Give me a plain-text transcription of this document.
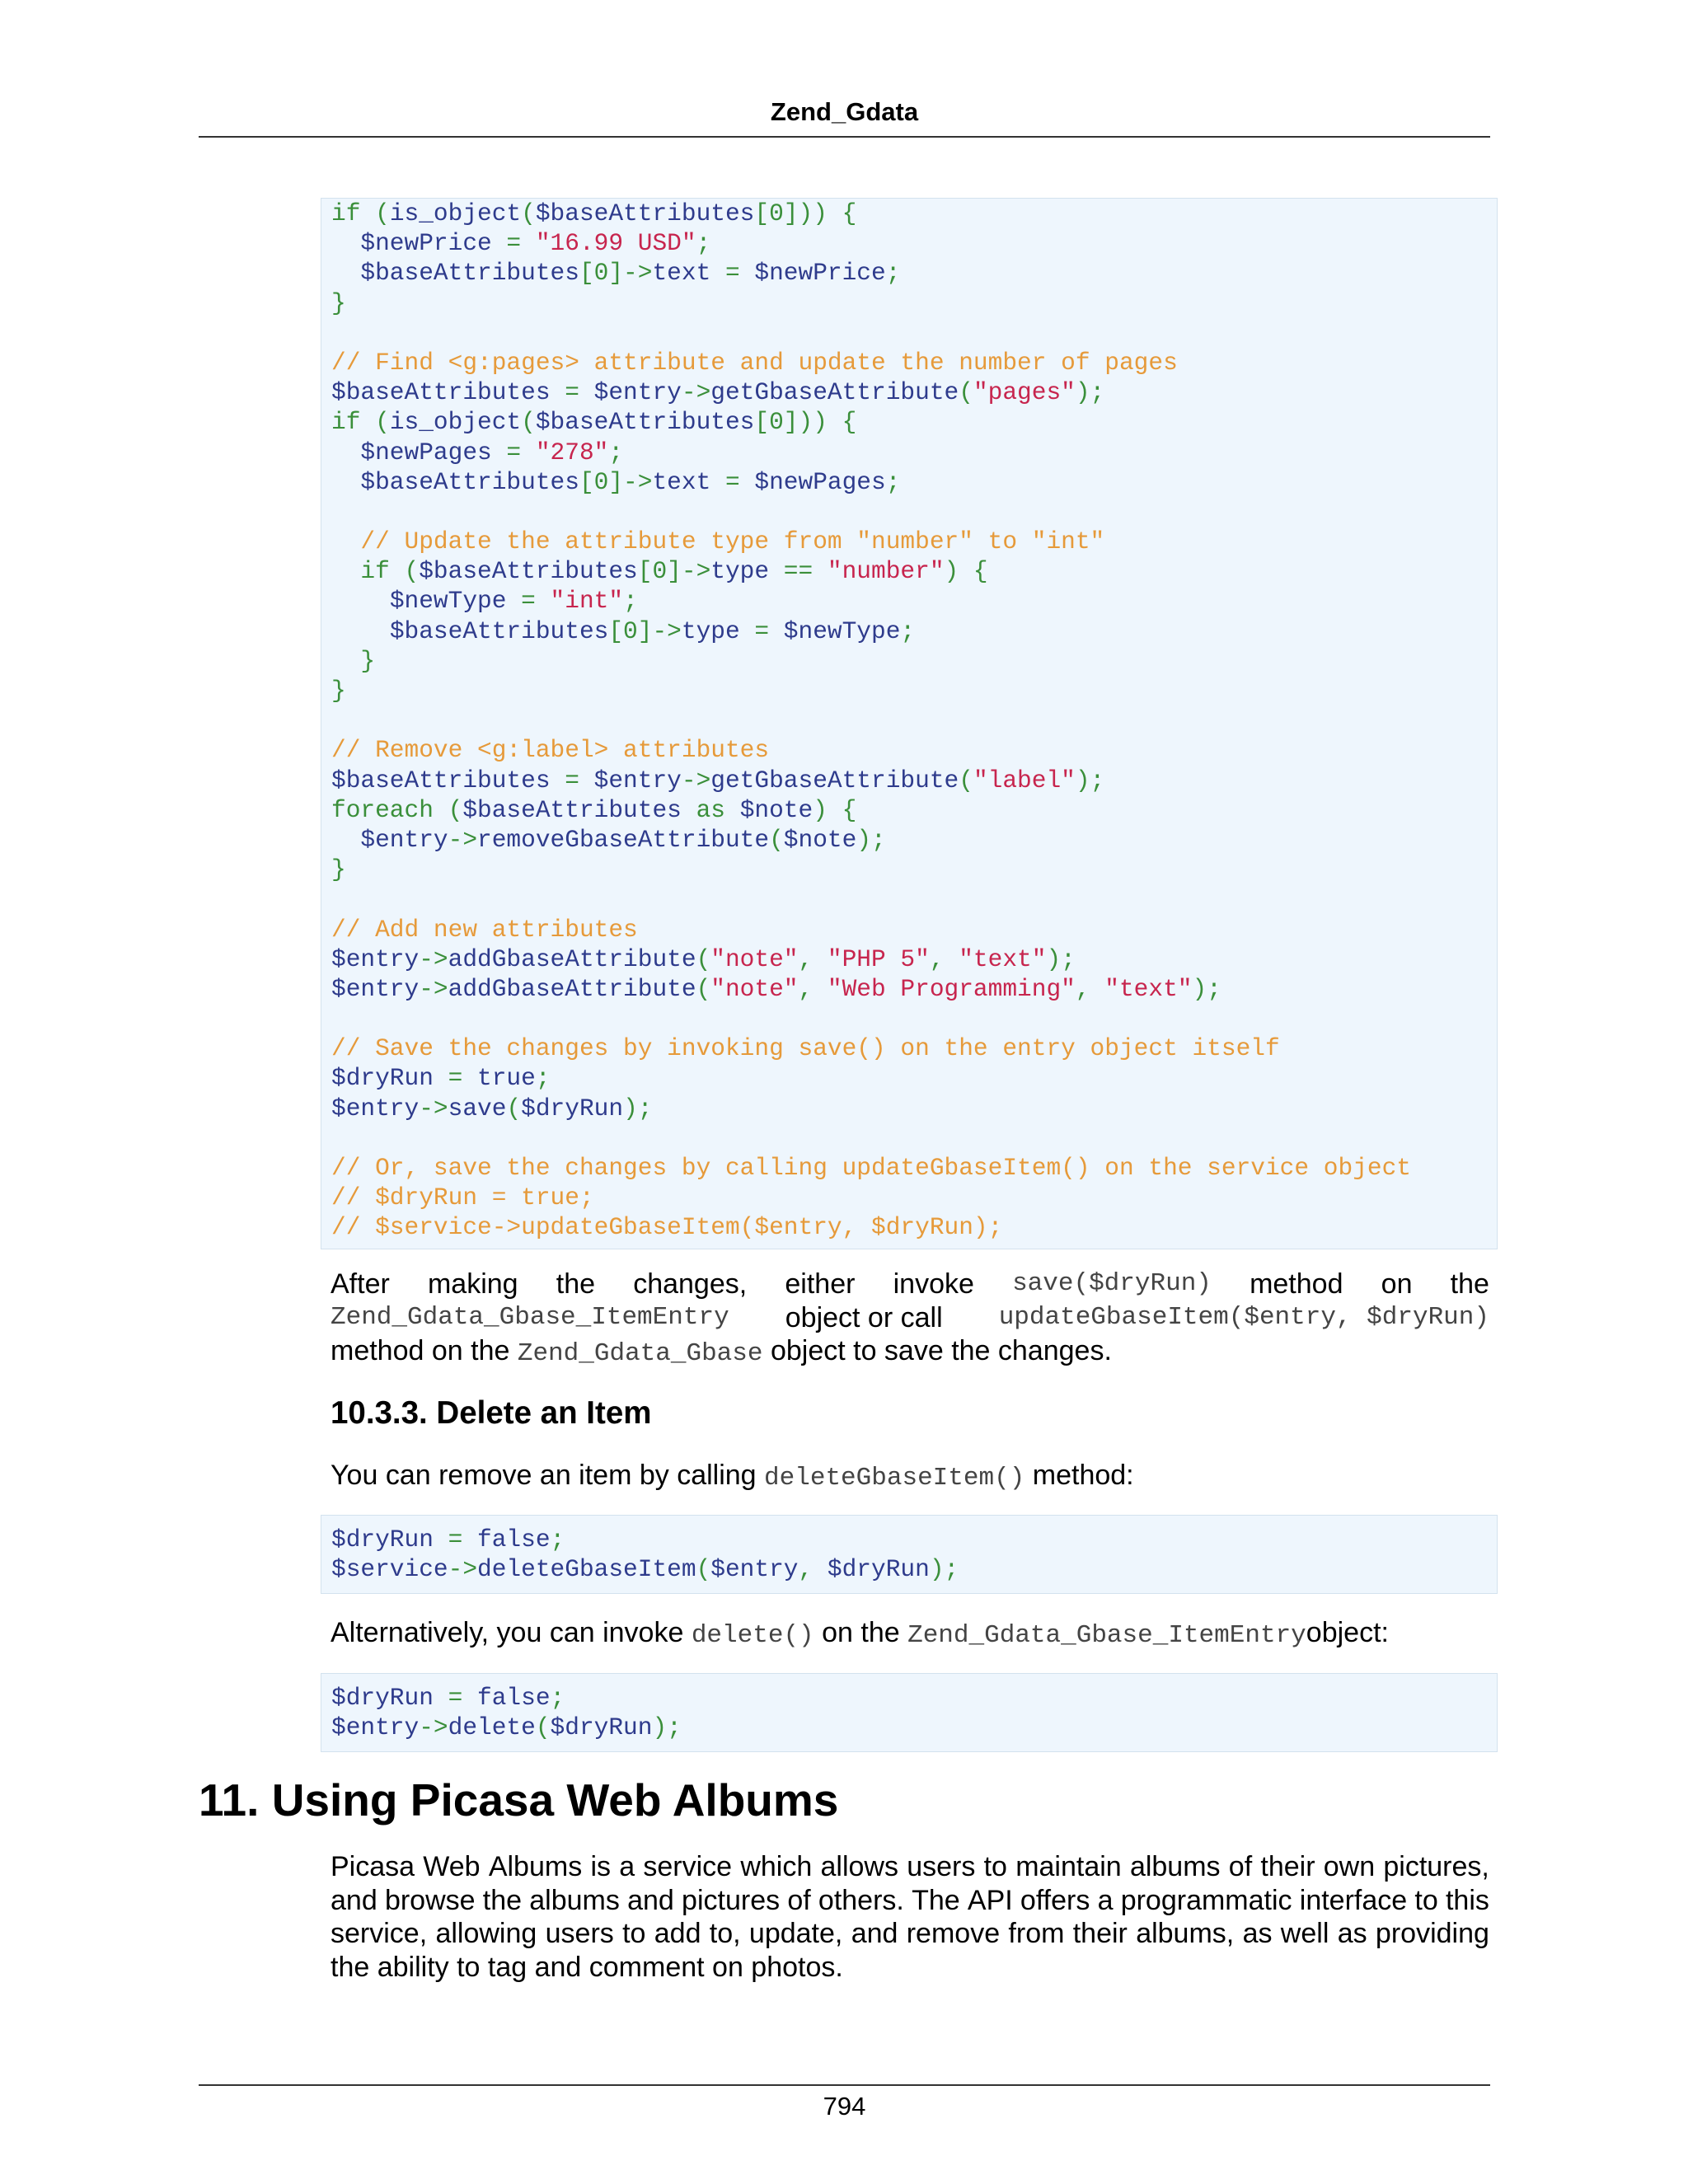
Zend_Gdata
if (is_object($baseAttributes[0])) {
$newPrice = "16.99 USD";
$baseAttributes[0]->text = $newPrice;
}
// Find <g:pages> attribute and update the number of pages
$baseAttributes = $entry->getGbaseAttribute("pages");
if (is_object($baseAttributes[0])) {
$newPages = "278";
$baseAttributes[0]->text = $newPages;
// Update the attribute type from "number" to "int"
if ($baseAttributes[0]->type == "number") {
$newType = "int";
$baseAttributes[0]->type = $newType;
}
}
// Remove <g:label> attributes
$baseAttributes = $entry->getGbaseAttribute("label");
foreach ($baseAttributes as $note) {
$entry->removeGbaseAttribute($note);
}
// Add new attributes
$entry->addGbaseAttribute("note", "PHP 5", "text");
$entry->addGbaseAttribute("note", "Web Programming", "text");
// Save the changes by invoking save() on the entry object itself
$dryRun = true;
$entry->save($dryRun);
// Or, save the changes by calling updateGbaseItem() on the service object
// $dryRun = true;
// $service->updateGbaseItem($entry, $dryRun);
After making the changes, either invoke save($dryRun) method on the
Zend_Gdata_Gbase_ItemEntry object or call updateGbaseItem($entry, $dryRun)
method on the Zend_Gdata_Gbase object to save the changes.
10.3.3. Delete an Item
You can remove an item by calling deleteGbaseItem() method:
$dryRun = false;
$service->deleteGbaseItem($entry, $dryRun);
Alternatively, you can invoke delete() on the Zend_Gdata_Gbase_ItemEntryobject:
$dryRun = false;
$entry->delete($dryRun);
11. Using Picasa Web Albums
Picasa Web Albums is a service which allows users to maintain albums of their own pictures,
and browse the albums and pictures of others. The API offers a programmatic interface to this
service, allowing users to add to, update, and remove from their albums, as well as providing
the ability to tag and comment on photos.
794
